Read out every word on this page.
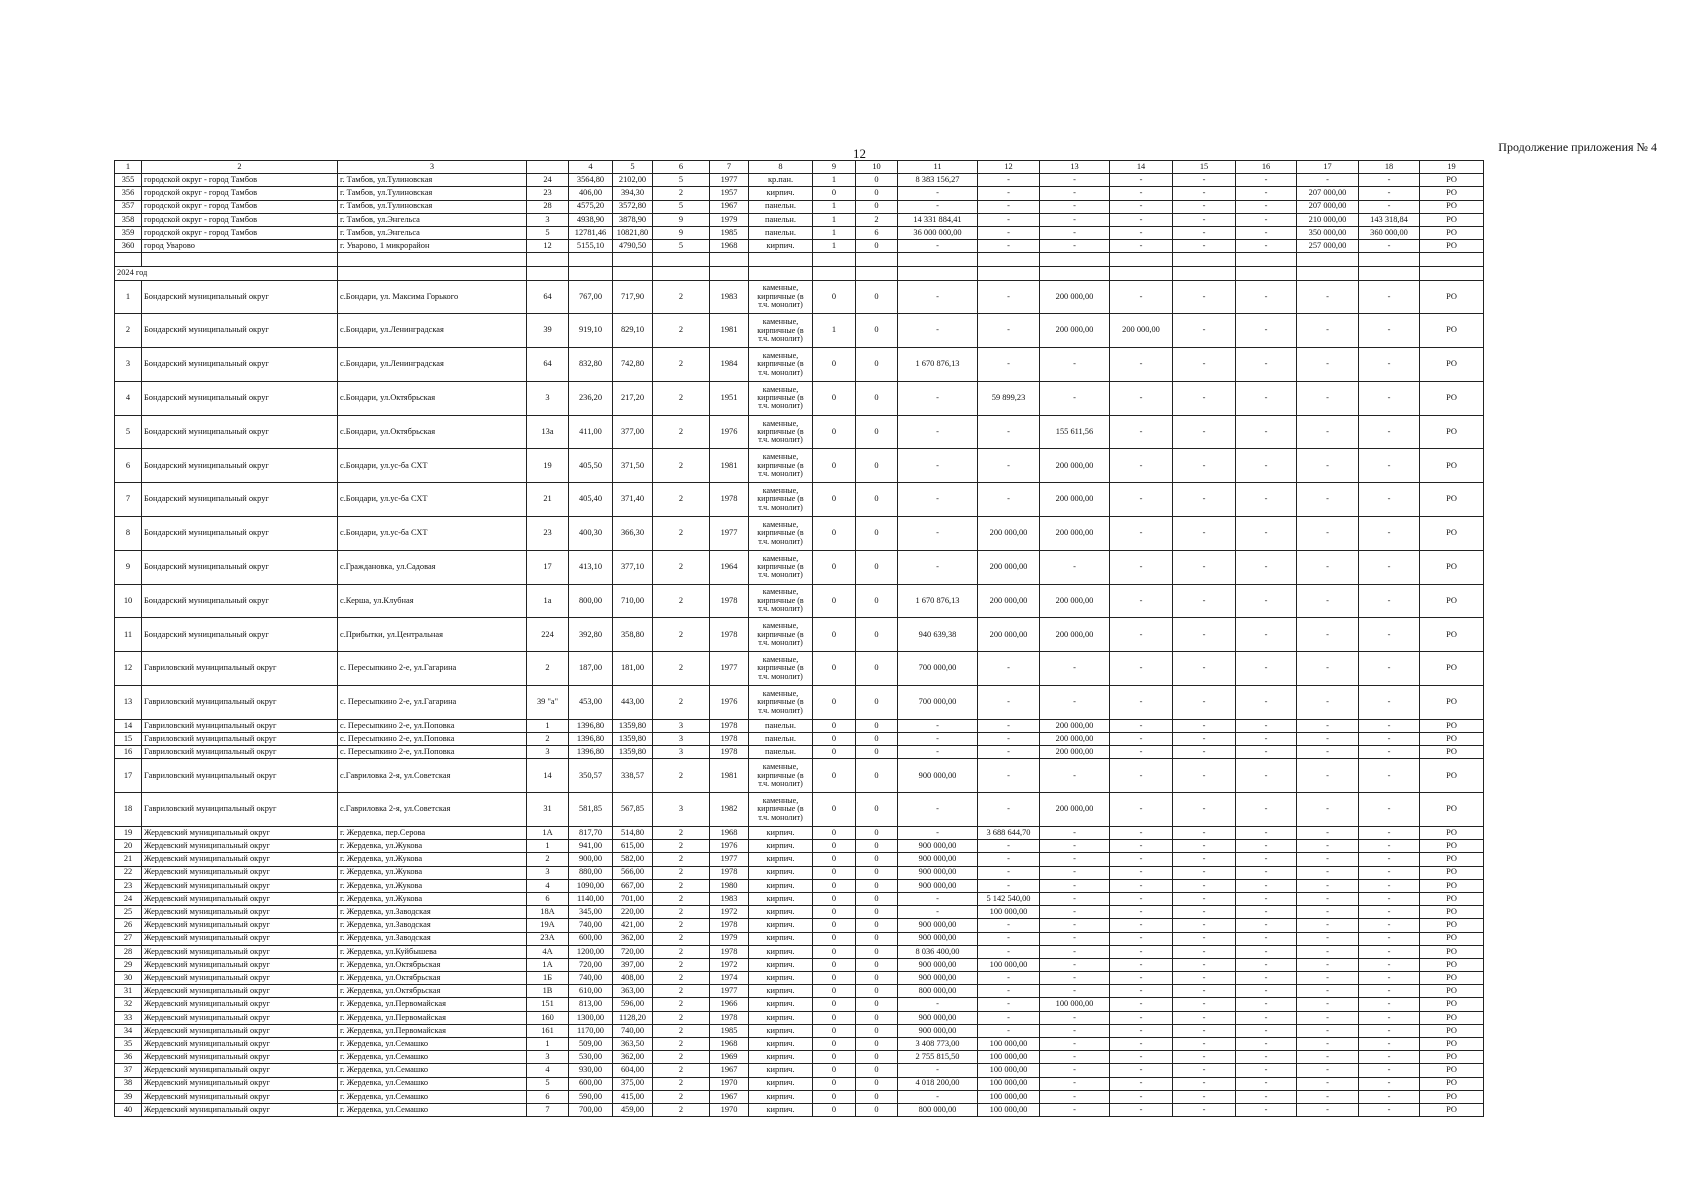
12	Продолжение приложения № 4
1	2	3		4	5	6	7	8	9	10	11	12	13	14	15	16	17	18	19
355	городской округ - город Тамбов	г. Тамбов, ул.Тулиновская	24	3564,80	2102,00	5	1977	кр.пан.	1	0	8 383 156,27	-	-	-	-	-	-	-	РО
356	городской округ - город Тамбов	г. Тамбов, ул.Тулиновская	23	406,00	394,30	2	1957	кирпич.	0	0	-	-	-	-	-	-	207 000,00	-	РО
357	городской округ - город Тамбов	г. Тамбов, ул.Тулиновская	28	4575,20	3572,80	5	1967	панельн.	1	0	-	-	-	-	-	-	207 000,00	-	РО
358	городской округ - город Тамбов	г. Тамбов, ул.Энгельса	3	4938,90	3878,90	9	1979	панельн.	1	2	14 331 884,41	-	-	-	-	-	210 000,00	143 318,84	РО
359	городской округ - город Тамбов	г. Тамбов, ул.Энгельса	5	12781,46	10821,80	9	1985	панельн.	1	6	36 000 000,00	-	-	-	-	-	350 000,00	360 000,00	РО
360	город Уварово	г. Уварово, 1 микрорайон	12	5155,10	4790,50	5	1968	кирпич.	1	0	-	-	-	-	-	-	257 000,00	-	РО

2024 год																			
1	Бондарский муниципальный округ	с.Бондари, ул. Максима Горького	64	767,00	717,90	2	1983	каменные, кирпичные (в т.ч. монолит)	0	0	-	-	200 000,00	-	-	-	-	-	РО
2	Бондарский муниципальный округ	с.Бондари, ул.Ленинградская	39	919,10	829,10	2	1981	каменные, кирпичные (в т.ч. монолит)	1	0	-	-	200 000,00	200 000,00	-	-	-	-	РО
3	Бондарский муниципальный округ	с.Бондари, ул.Ленинградская	64	832,80	742,80	2	1984	каменные, кирпичные (в т.ч. монолит)	0	0	1 670 876,13	-	-	-	-	-	-	-	РО
4	Бондарский муниципальный округ	с.Бондари, ул.Октябрьская	3	236,20	217,20	2	1951	каменные, кирпичные (в т.ч. монолит)	0	0	-	59 899,23	-	-	-	-	-	-	РО
5	Бондарский муниципальный округ	с.Бондари, ул.Октябрьская	13а	411,00	377,00	2	1976	каменные, кирпичные (в т.ч. монолит)	0	0	-	-	155 611,56	-	-	-	-	-	РО
6	Бондарский муниципальный округ	с.Бондари, ул.ус-ба СХТ	19	405,50	371,50	2	1981	каменные, кирпичные (в т.ч. монолит)	0	0	-	-	200 000,00	-	-	-	-	-	РО
7	Бондарский муниципальный округ	с.Бондари, ул.ус-ба СХТ	21	405,40	371,40	2	1978	каменные, кирпичные (в т.ч. монолит)	0	0	-	-	200 000,00	-	-	-	-	-	РО
8	Бондарский муниципальный округ	с.Бондари, ул.ус-ба СХТ	23	400,30	366,30	2	1977	каменные, кирпичные (в т.ч. монолит)	0	0	-	200 000,00	200 000,00	-	-	-	-	-	РО
9	Бондарский муниципальный округ	с.Граждановка, ул.Садовая	17	413,10	377,10	2	1964	каменные, кирпичные (в т.ч. монолит)	0	0	-	200 000,00	-	-	-	-	-	-	РО
10	Бондарский муниципальный округ	с.Керша, ул.Клубная	1а	800,00	710,00	2	1978	каменные, кирпичные (в т.ч. монолит)	0	0	1 670 876,13	200 000,00	200 000,00	-	-	-	-	-	РО
11	Бондарский муниципальный округ	с.Прибытки, ул.Центральная	224	392,80	358,80	2	1978	каменные, кирпичные (в т.ч. монолит)	0	0	940 639,38	200 000,00	200 000,00	-	-	-	-	-	РО
12	Гавриловский муниципальный округ	с. Пересыпкино 2-е, ул.Гагарина	2	187,00	181,00	2	1977	каменные, кирпичные (в т.ч. монолит)	0	0	700 000,00	-	-	-	-	-	-	-	РО
13	Гавриловский муниципальный округ	с. Пересыпкино 2-е, ул.Гагарина	39 "а"	453,00	443,00	2	1976	каменные, кирпичные (в т.ч. монолит)	0	0	700 000,00	-	-	-	-	-	-	-	РО
14	Гавриловский муниципальный округ	с. Пересыпкино 2-е, ул.Поповка	1	1396,80	1359,80	3	1978	панельн.	0	0	-	-	200 000,00	-	-	-	-	-	РО
15	Гавриловский муниципальный округ	с. Пересыпкино 2-е, ул.Поповка	2	1396,80	1359,80	3	1978	панельн.	0	0	-	-	200 000,00	-	-	-	-	-	РО
16	Гавриловский муниципальный округ	с. Пересыпкино 2-е, ул.Поповка	3	1396,80	1359,80	3	1978	панельн.	0	0	-	-	200 000,00	-	-	-	-	-	РО
17	Гавриловский муниципальный округ	с.Гавриловка 2-я, ул.Советская	14	350,57	338,57	2	1981	каменные, кирпичные (в т.ч. монолит)	0	0	900 000,00	-	-	-	-	-	-	-	РО
18	Гавриловский муниципальный округ	с.Гавриловка 2-я, ул.Советская	31	581,85	567,85	3	1982	каменные, кирпичные (в т.ч. монолит)	0	0	-	-	200 000,00	-	-	-	-	-	РО
19	Жердевский муниципальный округ	г. Жердевка, пер.Серова	1А	817,70	514,80	2	1968	кирпич.	0	0	-	3 688 644,70	-	-	-	-	-	-	РО
20	Жердевский муниципальный округ	г. Жердевка, ул.Жукова	1	941,00	615,00	2	1976	кирпич.	0	0	900 000,00	-	-	-	-	-	-	-	РО
21	Жердевский муниципальный округ	г. Жердевка, ул.Жукова	2	900,00	582,00	2	1977	кирпич.	0	0	900 000,00	-	-	-	-	-	-	-	РО
22	Жердевский муниципальный округ	г. Жердевка, ул.Жукова	3	880,00	566,00	2	1978	кирпич.	0	0	900 000,00	-	-	-	-	-	-	-	РО
23	Жердевский муниципальный округ	г. Жердевка, ул.Жукова	4	1090,00	667,00	2	1980	кирпич.	0	0	900 000,00	-	-	-	-	-	-	-	РО
24	Жердевский муниципальный округ	г. Жердевка, ул.Жукова	6	1140,00	701,00	2	1983	кирпич.	0	0	-	5 142 540,00	-	-	-	-	-	-	РО
25	Жердевский муниципальный округ	г. Жердевка, ул.Заводская	18А	345,00	220,00	2	1972	кирпич.	0	0	-	100 000,00	-	-	-	-	-	-	РО
26	Жердевский муниципальный округ	г. Жердевка, ул.Заводская	19А	740,00	421,00	2	1978	кирпич.	0	0	900 000,00	-	-	-	-	-	-	-	РО
27	Жердевский муниципальный округ	г. Жердевка, ул.Заводская	23А	600,00	362,00	2	1979	кирпич.	0	0	900 000,00	-	-	-	-	-	-	-	РО
28	Жердевский муниципальный округ	г. Жердевка, ул.Куйбышева	4А	1200,00	720,00	2	1978	кирпич.	0	0	8 036 400,00	-	-	-	-	-	-	-	РО
29	Жердевский муниципальный округ	г. Жердевка, ул.Октябрьская	1А	720,00	397,00	2	1972	кирпич.	0	0	900 000,00	100 000,00	-	-	-	-	-	-	РО
30	Жердевский муниципальный округ	г. Жердевка, ул.Октябрьская	1Б	740,00	408,00	2	1974	кирпич.	0	0	900 000,00	-	-	-	-	-	-	-	РО
31	Жердевский муниципальный округ	г. Жердевка, ул.Октябрьская	1В	610,00	363,00	2	1977	кирпич.	0	0	800 000,00	-	-	-	-	-	-	-	РО
32	Жердевский муниципальный округ	г. Жердевка, ул.Первомайская	151	813,00	596,00	2	1966	кирпич.	0	0	-	-	100 000,00	-	-	-	-	-	РО
33	Жердевский муниципальный округ	г. Жердевка, ул.Первомайская	160	1300,00	1128,20	2	1978	кирпич.	0	0	900 000,00	-	-	-	-	-	-	-	РО
34	Жердевский муниципальный округ	г. Жердевка, ул.Первомайская	161	1170,00	740,00	2	1985	кирпич.	0	0	900 000,00	-	-	-	-	-	-	-	РО
35	Жердевский муниципальный округ	г. Жердевка, ул.Семашко	1	509,00	363,50	2	1968	кирпич.	0	0	3 408 773,00	100 000,00	-	-	-	-	-	-	РО
36	Жердевский муниципальный округ	г. Жердевка, ул.Семашко	3	530,00	362,00	2	1969	кирпич.	0	0	2 755 815,50	100 000,00	-	-	-	-	-	-	РО
37	Жердевский муниципальный округ	г. Жердевка, ул.Семашко	4	930,00	604,00	2	1967	кирпич.	0	0	-	100 000,00	-	-	-	-	-	-	РО
38	Жердевский муниципальный округ	г. Жердевка, ул.Семашко	5	600,00	375,00	2	1970	кирпич.	0	0	4 018 200,00	100 000,00	-	-	-	-	-	-	РО
39	Жердевский муниципальный округ	г. Жердевка, ул.Семашко	6	590,00	415,00	2	1967	кирпич.	0	0	-	100 000,00	-	-	-	-	-	-	РО
40	Жердевский муниципальный округ	г. Жердевка, ул.Семашко	7	700,00	459,00	2	1970	кирпич.	0	0	800 000,00	100 000,00	-	-	-	-	-	-	РО
